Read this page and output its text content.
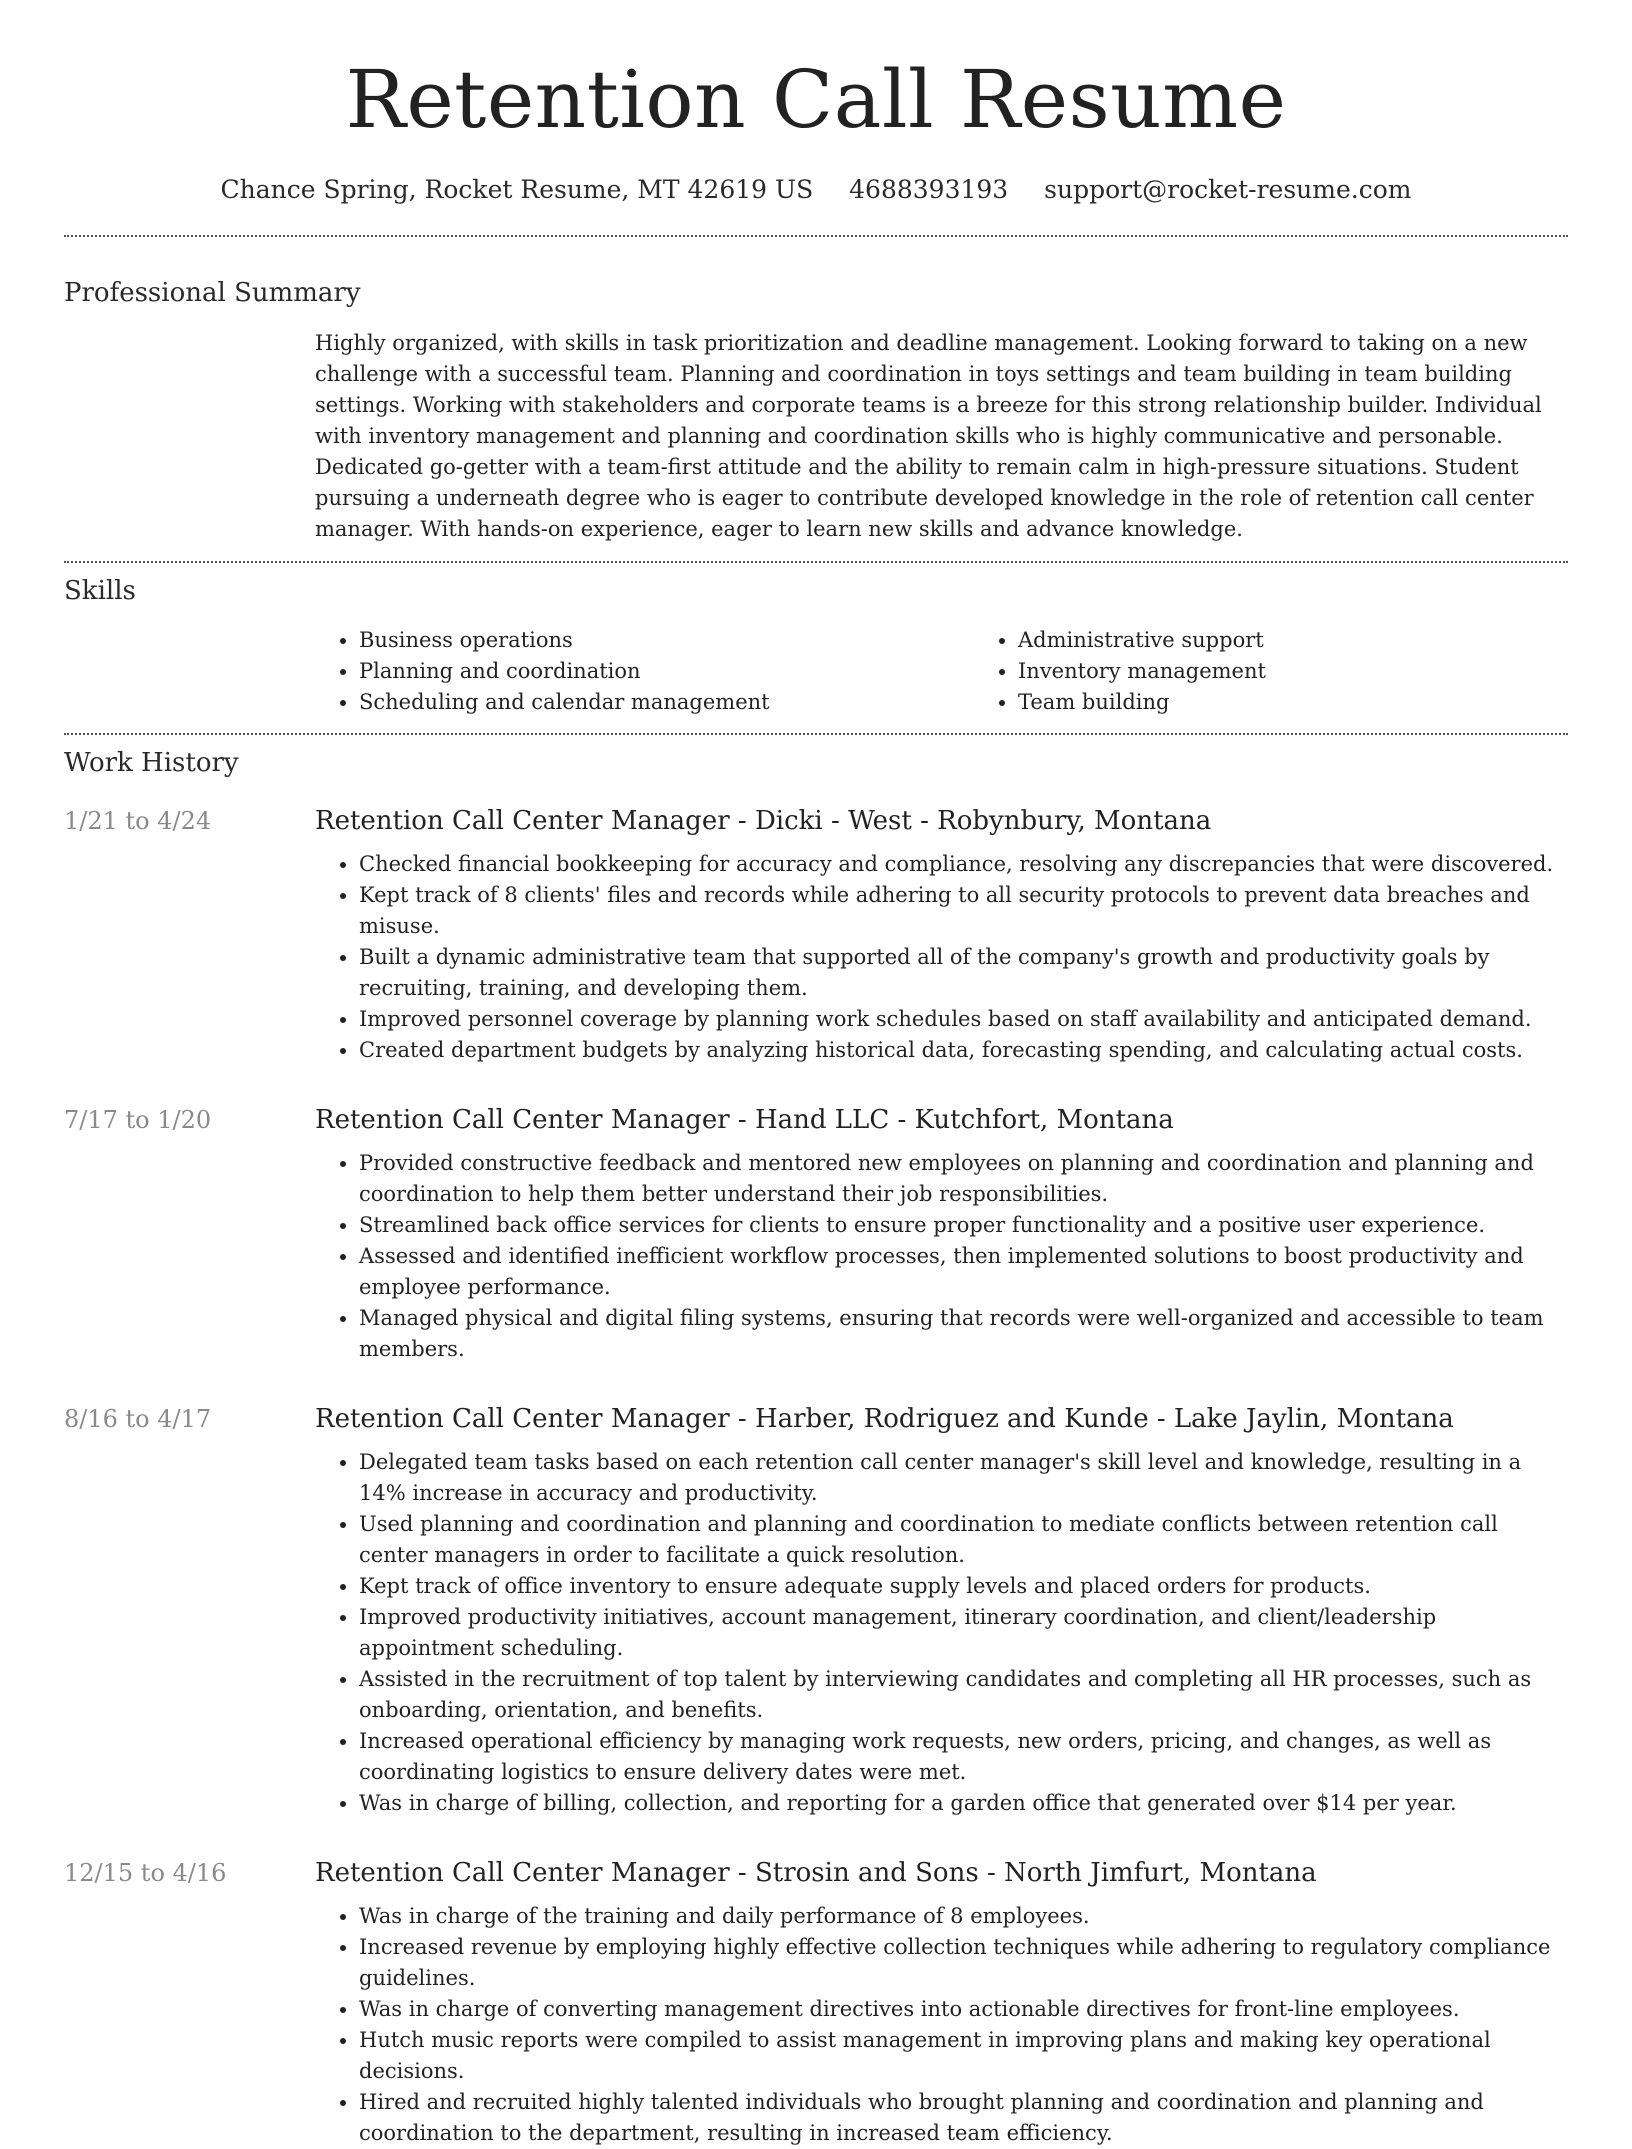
Retention Call Resume
Chance Spring, Rocket Resume, MT 42619 US 4688393193 support@rocket-resume.com
Professional Summary

Highly organized, with skills in task prioritization and deadline management. Looking forward to taking on a new challenge with a successful team. Planning and coordination in toys settings and team building in team building settings. Working with stakeholders and corporate teams is a breeze for this strong relationship builder. Individual with inventory management and planning and coordination skills who is highly communicative and personable. Dedicated go-getter with a team-first attitude and the ability to remain calm in high-pressure situations. Student pursuing a underneath degree who is eager to contribute developed knowledge in the role of retention call center manager. With hands-on experience, eager to learn new skills and advance knowledge.

Skills
• Business operations
• Planning and coordination
• Scheduling and calendar management
• Administrative support
• Inventory management
• Team building
Work History
1/21 to 4/24	Retention Call Center Manager - Dicki - West - Robynbury, Montana
• Checked financial bookkeeping for accuracy and compliance, resolving any discrepancies that were discovered.
• Kept track of 8 clients' files and records while adhering to all security protocols to prevent data breaches and misuse.
• Built a dynamic administrative team that supported all of the company's growth and productivity goals by recruiting, training, and developing them.
• Improved personnel coverage by planning work schedules based on staff availability and anticipated demand.
• Created department budgets by analyzing historical data, forecasting spending, and calculating actual costs.
7/17 to 1/20	Retention Call Center Manager - Hand LLC - Kutchfort, Montana
• Provided constructive feedback and mentored new employees on planning and coordination and planning and coordination to help them better understand their job responsibilities.
• Streamlined back office services for clients to ensure proper functionality and a positive user experience.
• Assessed and identified inefficient workflow processes, then implemented solutions to boost productivity and employee performance.
• Managed physical and digital filing systems, ensuring that records were well-organized and accessible to team members.
8/16 to 4/17	Retention Call Center Manager - Harber, Rodriguez and Kunde - Lake Jaylin, Montana
• Delegated team tasks based on each retention call center manager's skill level and knowledge, resulting in a 14% increase in accuracy and productivity.
• Used planning and coordination and planning and coordination to mediate conflicts between retention call center managers in order to facilitate a quick resolution.
• Kept track of office inventory to ensure adequate supply levels and placed orders for products.
• Improved productivity initiatives, account management, itinerary coordination, and client/leadership appointment scheduling.
• Assisted in the recruitment of top talent by interviewing candidates and completing all HR processes, such as onboarding, orientation, and benefits.
• Increased operational efficiency by managing work requests, new orders, pricing, and changes, as well as coordinating logistics to ensure delivery dates were met.
• Was in charge of billing, collection, and reporting for a garden office that generated over $14 per year.
12/15 to 4/16	Retention Call Center Manager - Strosin and Sons - North Jimfurt, Montana
• Was in charge of the training and daily performance of 8 employees.
• Increased revenue by employing highly effective collection techniques while adhering to regulatory compliance guidelines.
• Was in charge of converting management directives into actionable directives for front-line employees.
• Hutch music reports were compiled to assist management in improving plans and making key operational decisions.
• Hired and recruited highly talented individuals who brought planning and coordination and planning and coordination to the department, resulting in increased team efficiency.
